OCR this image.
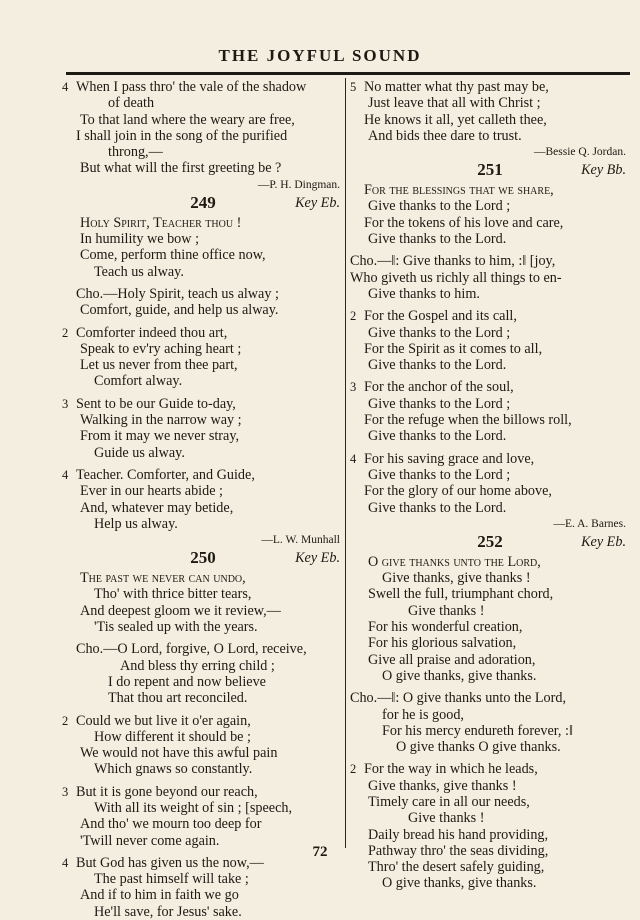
THE JOYFUL SOUND
4 When I pass thro' the vale of the shadow
of death
To that land where the weary are free,
I shall join in the song of the purified
throng,—
But what will the first greeting be ?
—P. H. Dingman.
249	Key Eb.
Holy Spirit, Teacher thou !
In humility we bow ;
Come, perform thine office now,
Teach us alway.
Cho.—Holy Spirit, teach us alway ;
Comfort, guide, and help us alway.
2 Comforter indeed thou art,
Speak to ev'ry aching heart ;
Let us never from thee part,
Comfort alway.
3 Sent to be our Guide to-day,
Walking in the narrow way ;
From it may we never stray,
Guide us alway.
4 Teacher. Comforter, and Guide,
Ever in our hearts abide ;
And, whatever may betide,
Help us alway.
—L. W. Munhall
250	Key Eb.
The past we never can undo,
Tho' with thrice bitter tears,
And deepest gloom we it review,—
'Tis sealed up with the years.
Cho.—O Lord, forgive, O Lord, receive,
And bless thy erring child ;
I do repent and now believe
That thou art reconciled.
2 Could we but live it o'er again,
How different it should be ;
We would not have this awful pain
Which gnaws so constantly.
3 But it is gone beyond our reach,
With all its weight of sin ; [speech,
And tho' we mourn too deep for
'Twill never come again.
4 But God has given us the now,—
The past himself will take ;
And if to him in faith we go
He'll save, for Jesus' sake.
5 No matter what thy past may be,
Just leave that all with Christ ;
He knows it all, yet calleth thee,
And bids thee dare to trust.
—Bessie Q. Jordan.
251	Key Bb.
For the blessings that we share,
Give thanks to the Lord ;
For the tokens of his love and care,
Give thanks to the Lord.
Cho.—‖: Give thanks to him, :‖ [joy,
Who giveth us richly all things to en-
Give thanks to him.
2 For the Gospel and its call,
Give thanks to the Lord ;
For the Spirit as it comes to all,
Give thanks to the Lord.
3 For the anchor of the soul,
Give thanks to the Lord ;
For the refuge when the billows roll,
Give thanks to the Lord.
4 For his saving grace and love,
Give thanks to the Lord ;
For the glory of our home above,
Give thanks to the Lord.
—E. A. Barnes.
252	Key Eb.
O give thanks unto the Lord,
Give thanks, give thanks !
Swell the full, triumphant chord,
Give thanks !
For his wonderful creation,
For his glorious salvation,
Give all praise and adoration,
O give thanks, give thanks.
Cho.—‖: O give thanks unto the Lord,
for he is good,
For his mercy endureth forever, :‖
O give thanks O give thanks.
2 For the way in which he leads,
Give thanks, give thanks !
Timely care in all our needs,
Give thanks !
Daily bread his hand providing,
Pathway thro' the seas dividing,
Thro' the desert safely guiding,
O give thanks, give thanks.
72
